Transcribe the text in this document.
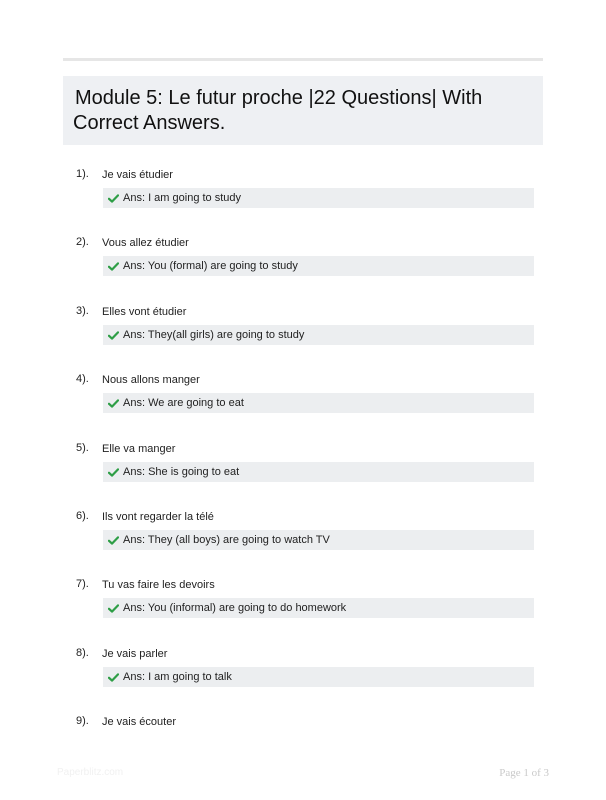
Module 5: Le futur proche |22 Questions| With Correct Answers.
1). Je vais étudier
Ans: I am going to study
2). Vous allez étudier
Ans: You (formal) are going to study
3). Elles vont étudier
Ans: They(all girls) are going to study
4). Nous allons manger
Ans: We are going to eat
5). Elle va manger
Ans: She is going to eat
6). Ils vont regarder la télé
Ans: They (all boys) are going to watch TV
7). Tu vas faire les devoirs
Ans: You (informal) are going to do homework
8). Je vais parler
Ans: I am going to talk
9). Je vais écouter
Paperblitz.com	Page 1 of 3
